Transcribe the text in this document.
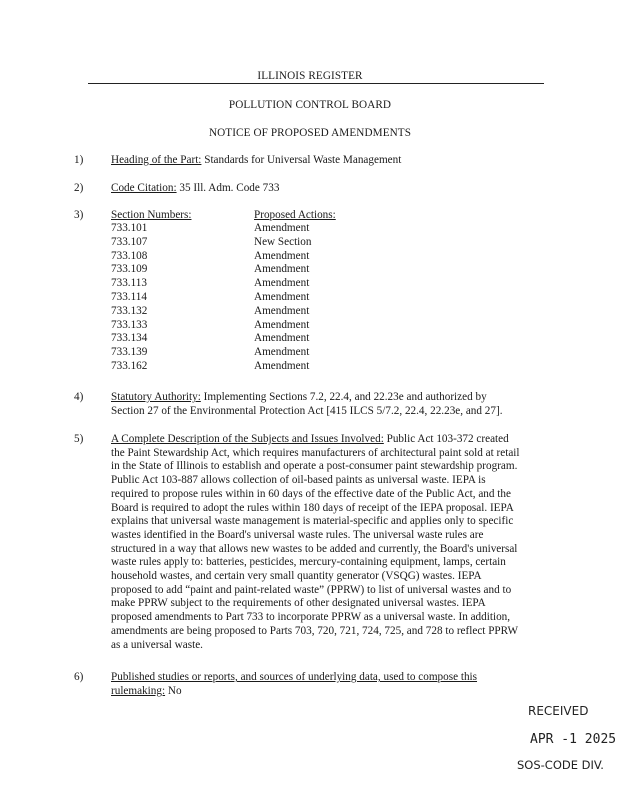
ILLINOIS REGISTER
POLLUTION CONTROL BOARD
NOTICE OF PROPOSED AMENDMENTS
1) Heading of the Part: Standards for Universal Waste Management
2) Code Citation: 35 Ill. Adm. Code 733
3) Section Numbers:	Proposed Actions:
733.101	Amendment
733.107	New Section
733.108	Amendment
733.109	Amendment
733.113	Amendment
733.114	Amendment
733.132	Amendment
733.133	Amendment
733.134	Amendment
733.139	Amendment
733.162	Amendment
4) Statutory Authority: Implementing Sections 7.2, 22.4, and 22.23e and authorized by Section 27 of the Environmental Protection Act [415 ILCS 5/7.2, 22.4, 22.23e, and 27].
5) A Complete Description of the Subjects and Issues Involved: Public Act 103-372 created the Paint Stewardship Act, which requires manufacturers of architectural paint sold at retail in the State of Illinois to establish and operate a post-consumer paint stewardship program. Public Act 103-887 allows collection of oil-based paints as universal waste. IEPA is required to propose rules within in 60 days of the effective date of the Public Act, and the Board is required to adopt the rules within 180 days of receipt of the IEPA proposal. IEPA explains that universal waste management is material-specific and applies only to specific wastes identified in the Board's universal waste rules. The universal waste rules are structured in a way that allows new wastes to be added and currently, the Board's universal waste rules apply to: batteries, pesticides, mercury-containing equipment, lamps, certain household wastes, and certain very small quantity generator (VSQG) wastes. IEPA proposed to add “paint and paint-related waste” (PPRW) to list of universal wastes and to make PPRW subject to the requirements of other designated universal wastes. IEPA proposed amendments to Part 733 to incorporate PPRW as a universal waste. In addition, amendments are being proposed to Parts 703, 720, 721, 724, 725, and 728 to reflect PPRW as a universal waste.
6) Published studies or reports, and sources of underlying data, used to compose this rulemaking: No
RECEIVED
APR -1 2025
SOS-CODE DIV.
